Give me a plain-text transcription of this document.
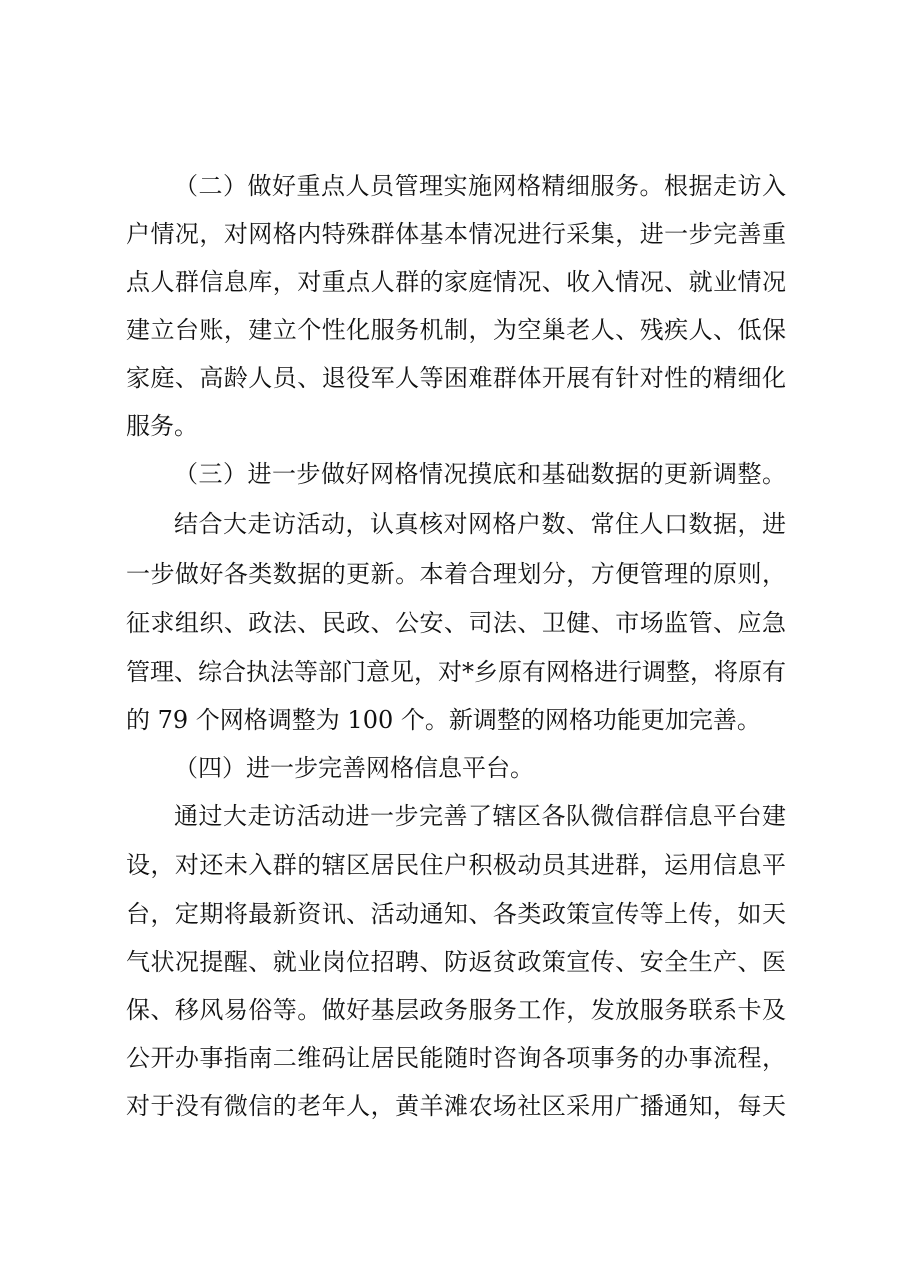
（二）做好重点人员管理实施网格精细服务。根据走访入
户情况，对网格内特殊群体基本情况进行采集，进一步完善重
点人群信息库，对重点人群的家庭情况、收入情况、就业情况
建立台账，建立个性化服务机制，为空巢老人、残疾人、低保
家庭、高龄人员、退役军人等困难群体开展有针对性的精细化
服务。
（三）进一步做好网格情况摸底和基础数据的更新调整。
结合大走访活动，认真核对网格户数、常住人口数据，进
一步做好各类数据的更新。本着合理划分，方便管理的原则，
征求组织、政法、民政、公安、司法、卫健、市场监管、应急
管理、综合执法等部门意见，对*乡原有网格进行调整，将原有
的 79 个网格调整为 100 个。新调整的网格功能更加完善。
（四）进一步完善网格信息平台。
通过大走访活动进一步完善了辖区各队微信群信息平台建
设，对还未入群的辖区居民住户积极动员其进群，运用信息平
台，定期将最新资讯、活动通知、各类政策宣传等上传，如天
气状况提醒、就业岗位招聘、防返贫政策宣传、安全生产、医
保、移风易俗等。做好基层政务服务工作，发放服务联系卡及
公开办事指南二维码让居民能随时咨询各项事务的办事流程，
对于没有微信的老年人，黄羊滩农场社区采用广播通知，每天
